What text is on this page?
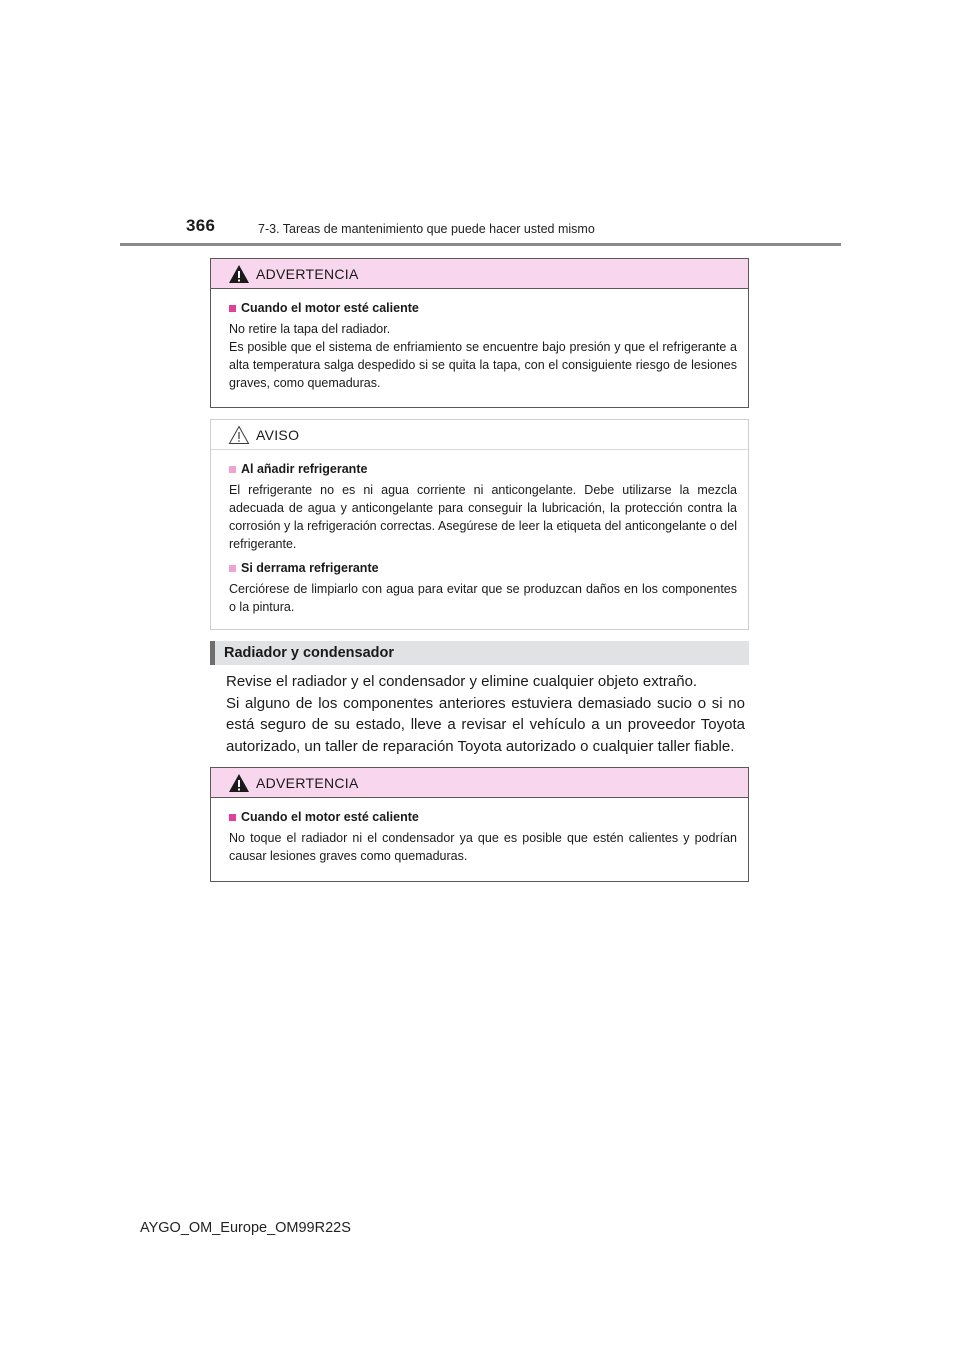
366	7-3. Tareas de mantenimiento que puede hacer usted mismo
ADVERTENCIA
Cuando el motor esté caliente

No retire la tapa del radiador.

Es posible que el sistema de enfriamiento se encuentre bajo presión y que el refrigerante a alta temperatura salga despedido si se quita la tapa, con el consiguiente riesgo de lesiones graves, como quemaduras.

AVISO
Al añadir refrigerante
El refrigerante no es ni agua corriente ni anticongelante. Debe utilizarse la mezcla adecuada de agua y anticongelante para conseguir la lubricación, la protección contra la corrosión y la refrigeración correctas. Asegúrese de leer la etiqueta del anticongelante o del refrigerante.
Si derrama refrigerante
Cerciórese de limpiarlo con agua para evitar que se produzcan daños en los componentes o la pintura.
Radiador y condensador

Revise el radiador y el condensador y elimine cualquier objeto extraño.

Si alguno de los componentes anteriores estuviera demasiado sucio o si no está seguro de su estado, lleve a revisar el vehículo a un proveedor Toyota autorizado, un taller de reparación Toyota autorizado o cualquier taller fiable.

ADVERTENCIA
Cuando el motor esté caliente
No toque el radiador ni el condensador ya que es posible que estén calientes y podrían causar lesiones graves como quemaduras.
AYGO_OM_Europe_OM99R22S
